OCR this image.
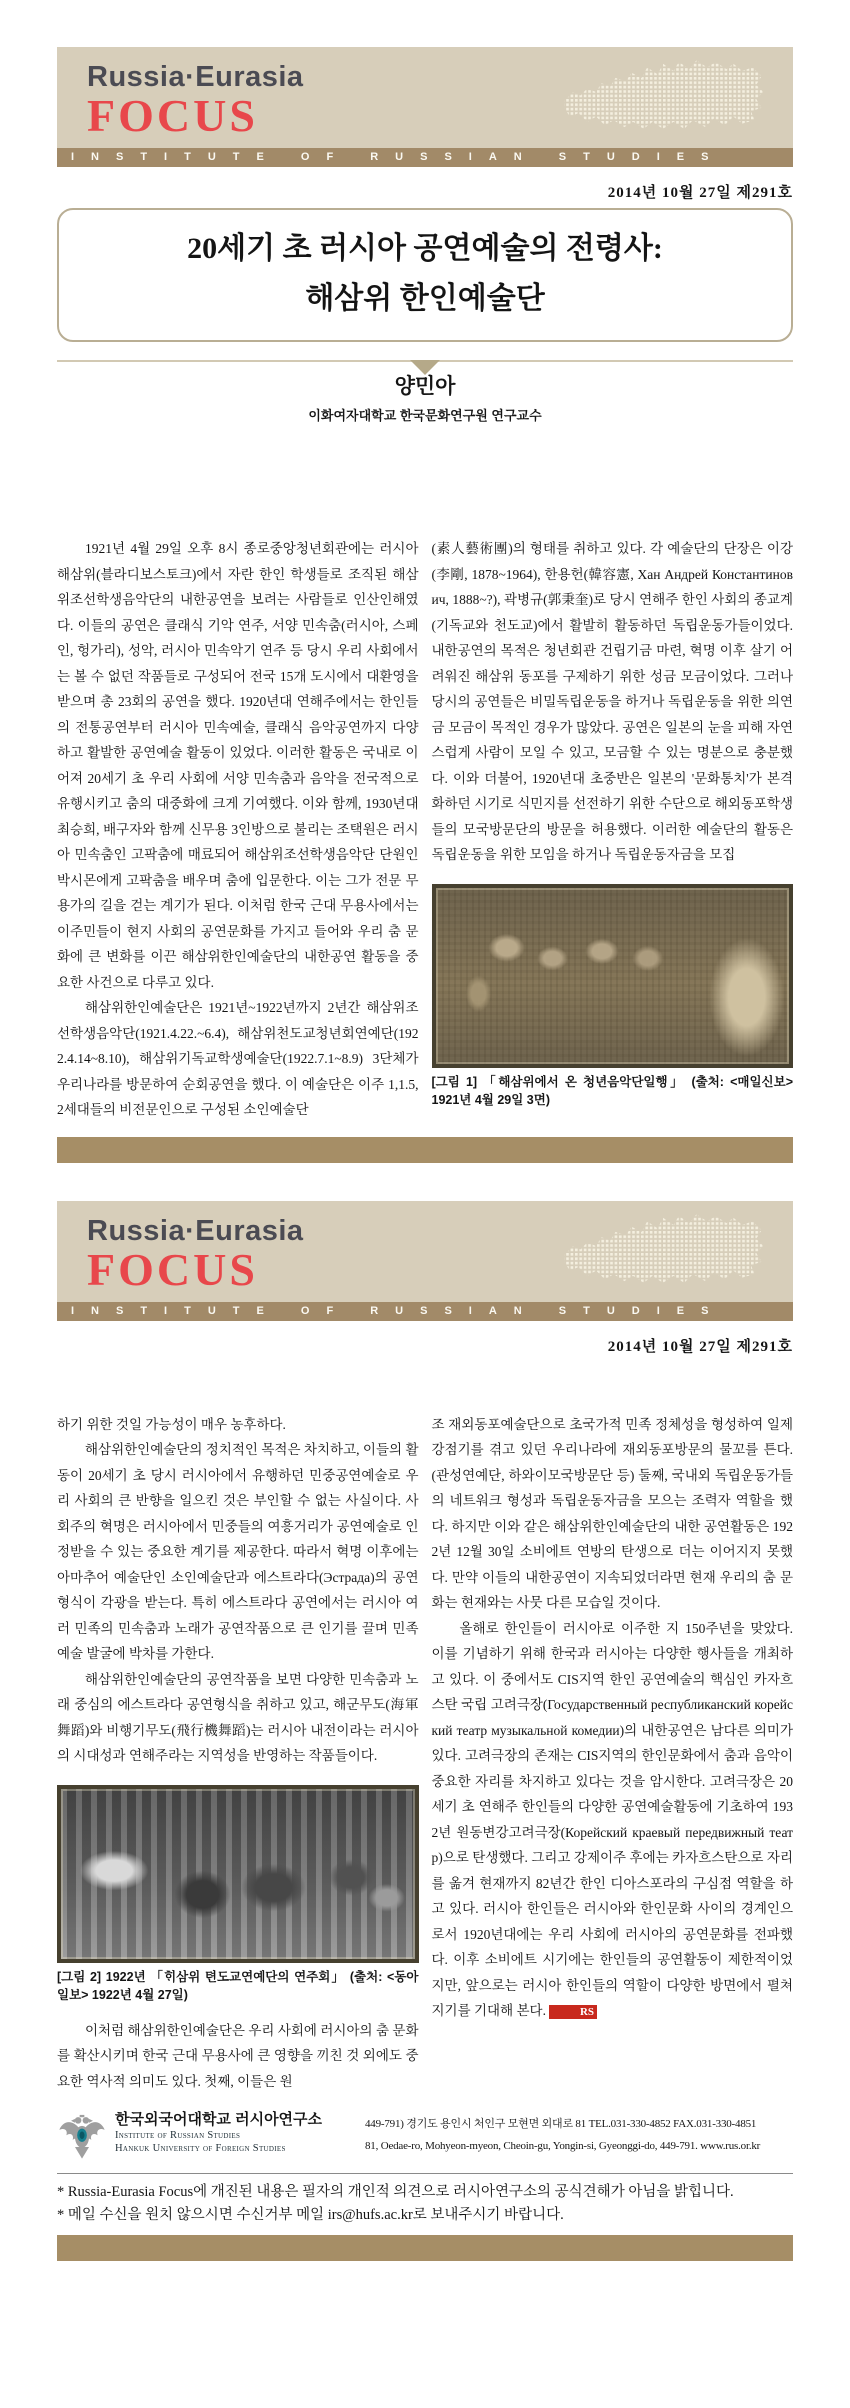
Russia·Eurasia
FOCUS
INSTITUTE OF RUSSIAN STUDIES
2014년 10월 27일 제291호
20세기 초 러시아 공연예술의 전령사:
해삼위 한인예술단
양민아
이화여자대학교 한국문화연구원 연구교수

1921년 4월 29일 오후 8시 종로중앙청년회관에는 러시아 해삼위(블라디보스토크)에서 자란 한인 학생들로 조직된 해삼위조선학생음악단의 내한공연을 보려는 사람들로 인산인해였다. 이들의 공연은 클래식 기악 연주, 서양 민속춤(러시아, 스페인, 헝가리), 성악, 러시아 민속악기 연주 등 당시 우리 사회에서는 볼 수 없던 작품들로 구성되어 전국 15개 도시에서 대환영을 받으며 총 23회의 공연을 했다. 1920년대 연해주에서는 한인들의 전통공연부터 러시아 민속예술, 클래식 음악공연까지 다양하고 활발한 공연예술 활동이 있었다. 이러한 활동은 국내로 이어져 20세기 초 우리 사회에 서양 민속춤과 음악을 전국적으로 유행시키고 춤의 대중화에 크게 기여했다. 이와 함께, 1930년대 최승희, 배구자와 함께 신무용 3인방으로 불리는 조택원은 러시아 민속춤인 고팍춤에 매료되어 해삼위조선학생음악단 단원인 박시몬에게 고팍춤을 배우며 춤에 입문한다. 이는 그가 전문 무용가의 길을 걷는 계기가 된다. 이처럼 한국 근대 무용사에서는 이주민들이 현지 사회의 공연문화를 가지고 들어와 우리 춤 문화에 큰 변화를 이끈 해삼위한인예술단의 내한공연 활동을 중요한 사건으로 다루고 있다.

해삼위한인예술단은 1921년~1922년까지 2년간 해삼위조선학생음악단(1921.4.22.~6.4), 해삼위천도교청년회연예단(1922.4.14~8.10), 해삼위기독교학생예술단(1922.7.1~8.9) 3단체가 우리나라를 방문하여 순회공연을 했다. 이 예술단은 이주 1,1.5, 2세대들의 비전문인으로 구성된 소인예술단

(素人藝術團)의 형태를 취하고 있다. 각 예술단의 단장은 이강(李剛, 1878~1964), 한용헌(韓容憲, Хан Андрей Константинович, 1888~?), 곽병규(郭秉奎)로 당시 연해주 한인 사회의 종교계(기독교와 천도교)에서 활발히 활동하던 독립운동가들이었다. 내한공연의 목적은 청년회관 건립기금 마련, 혁명 이후 살기 어려워진 해삼위 동포를 구제하기 위한 성금 모금이었다. 그러나 당시의 공연들은 비밀독립운동을 하거나 독립운동을 위한 의연금 모금이 목적인 경우가 많았다. 공연은 일본의 눈을 피해 자연스럽게 사람이 모일 수 있고, 모금할 수 있는 명분으로 충분했다. 이와 더불어, 1920년대 초중반은 일본의 '문화통치'가 본격화하던 시기로 식민지를 선전하기 위한 수단으로 해외동포학생들의 모국방문단의 방문을 허용했다. 이러한 예술단의 활동은 독립운동을 위한 모임을 하거나 독립운동자금을 모집

[그림 1] 「해삼위에서 온 청년음악단일행」 (출처: <매일신보> 1921년 4월 29일 3면)
Russia·Eurasia
FOCUS
INSTITUTE OF RUSSIAN STUDIES
2014년 10월 27일 제291호

하기 위한 것일 가능성이 매우 농후하다.

해삼위한인예술단의 정치적인 목적은 차치하고, 이들의 활동이 20세기 초 당시 러시아에서 유행하던 민중공연예술로 우리 사회의 큰 반향을 일으킨 것은 부인할 수 없는 사실이다. 사회주의 혁명은 러시아에서 민중들의 여흥거리가 공연예술로 인정받을 수 있는 중요한 계기를 제공한다. 따라서 혁명 이후에는 아마추어 예술단인 소인예술단과 에스트라다(Эстрада)의 공연형식이 각광을 받는다. 특히 에스트라다 공연에서는 러시아 여러 민족의 민속춤과 노래가 공연작품으로 큰 인기를 끌며 민족예술 발굴에 박차를 가한다.

해삼위한인예술단의 공연작품을 보면 다양한 민속춤과 노래 중심의 에스트라다 공연형식을 취하고 있고, 해군무도(海軍舞蹈)와 비행기무도(飛行機舞蹈)는 러시아 내전이라는 러시아의 시대성과 연해주라는 지역성을 반영하는 작품들이다.

[그림 2] 1922년 「ᄒᆡ삼위 텬도교연예단의 연주회」 (출처: <동아일보> 1922년 4월 27일)

이처럼 해삼위한인예술단은 우리 사회에 러시아의 춤 문화를 확산시키며 한국 근대 무용사에 큰 영향을 끼친 것 외에도 중요한 역사적 의미도 있다. 첫째, 이들은 원

조 재외동포예술단으로 초국가적 민족 정체성을 형성하여 일제강점기를 겪고 있던 우리나라에 재외동포방문의 물꼬를 튼다.(관성연예단, 하와이모국방문단 등) 둘째, 국내외 독립운동가들의 네트워크 형성과 독립운동자금을 모으는 조력자 역할을 했다. 하지만 이와 같은 해삼위한인예술단의 내한 공연활동은 1922년 12월 30일 소비에트 연방의 탄생으로 더는 이어지지 못했다. 만약 이들의 내한공연이 지속되었더라면 현재 우리의 춤 문화는 현재와는 사뭇 다른 모습일 것이다.

올해로 한인들이 러시아로 이주한 지 150주년을 맞았다. 이를 기념하기 위해 한국과 러시아는 다양한 행사들을 개최하고 있다. 이 중에서도 CIS지역 한인 공연예술의 핵심인 카자흐스탄 국립 고려극장(Государственный республиканский корейский театр музыкальной комедии)의 내한공연은 남다른 의미가 있다. 고려극장의 존재는 CIS지역의 한인문화에서 춤과 음악이 중요한 자리를 차지하고 있다는 것을 암시한다. 고려극장은 20세기 초 연해주 한인들의 다양한 공연예술활동에 기초하여 1932년 원동변강고려극장(Корейский краевый передвижный театр)으로 탄생했다. 그리고 강제이주 후에는 카자흐스탄으로 자리를 옮겨 현재까지 82년간 한인 디아스포라의 구심점 역할을 하고 있다. 러시아 한인들은 러시아와 한인문화 사이의 경계인으로서 1920년대에는 우리 사회에 러시아의 공연문화를 전파했다. 이후 소비에트 시기에는 한인들의 공연활동이 제한적이었지만, 앞으로는 러시아 한인들의 역할이 다양한 방면에서 펼쳐지기를 기대해 본다.	RS

한국외국어대학교 러시아연구소
Institute of Russian Studies
Hankuk University of Foreign Studies
449-791) 경기도 용인시 처인구 모현면 외대로 81 TEL.031-330-4852 FAX.031-330-4851
81, Oedae-ro, Mohyeon-myeon, Cheoin-gu, Yongin-si, Gyeonggi-do, 449-791. www.rus.or.kr
* Russia-Eurasia Focus에 개진된 내용은 필자의 개인적 의견으로 러시아연구소의 공식견해가 아님을 밝힙니다.
* 메일 수신을 원치 않으시면 수신거부 메일 irs@hufs.ac.kr로 보내주시기 바랍니다.
